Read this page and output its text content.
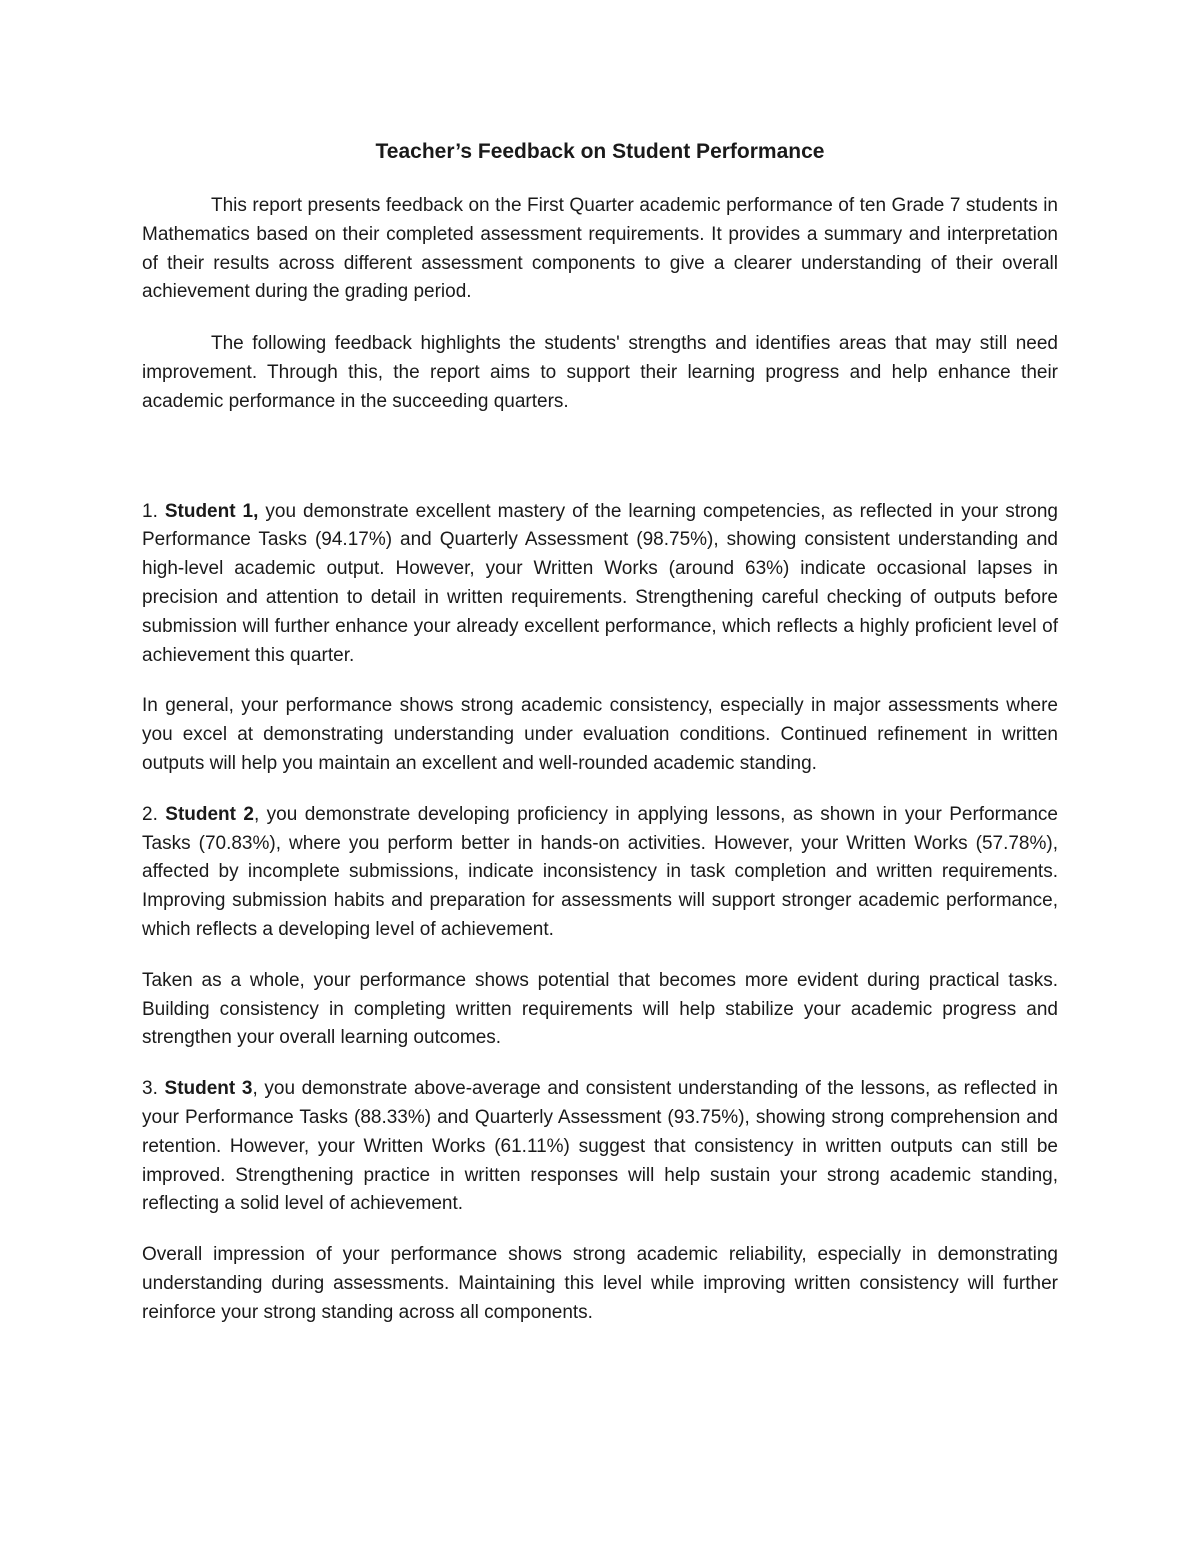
Teacher’s Feedback on Student Performance

This report presents feedback on the First Quarter academic performance of ten Grade 7 students in Mathematics based on their completed assessment requirements. It provides a summary and interpretation of their results across different assessment components to give a clearer understanding of their overall achievement during the grading period.

The following feedback highlights the students' strengths and identifies areas that may still need improvement. Through this, the report aims to support their learning progress and help enhance their academic performance in the succeeding quarters.

1. Student 1, you demonstrate excellent mastery of the learning competencies, as reflected in your strong Performance Tasks (94.17%) and Quarterly Assessment (98.75%), showing consistent understanding and high-level academic output. However, your Written Works (around 63%) indicate occasional lapses in precision and attention to detail in written requirements. Strengthening careful checking of outputs before submission will further enhance your already excellent performance, which reflects a highly proficient level of achievement this quarter.

In general, your performance shows strong academic consistency, especially in major assessments where you excel at demonstrating understanding under evaluation conditions. Continued refinement in written outputs will help you maintain an excellent and well-rounded academic standing.

2. Student 2, you demonstrate developing proficiency in applying lessons, as shown in your Performance Tasks (70.83%), where you perform better in hands-on activities. However, your Written Works (57.78%), affected by incomplete submissions, indicate inconsistency in task completion and written requirements. Improving submission habits and preparation for assessments will support stronger academic performance, which reflects a developing level of achievement.

Taken as a whole, your performance shows potential that becomes more evident during practical tasks. Building consistency in completing written requirements will help stabilize your academic progress and strengthen your overall learning outcomes.

3. Student 3, you demonstrate above-average and consistent understanding of the lessons, as reflected in your Performance Tasks (88.33%) and Quarterly Assessment (93.75%), showing strong comprehension and retention. However, your Written Works (61.11%) suggest that consistency in written outputs can still be improved. Strengthening practice in written responses will help sustain your strong academic standing, reflecting a solid level of achievement.

Overall impression of your performance shows strong academic reliability, especially in demonstrating understanding during assessments. Maintaining this level while improving written consistency will further reinforce your strong standing across all components.
